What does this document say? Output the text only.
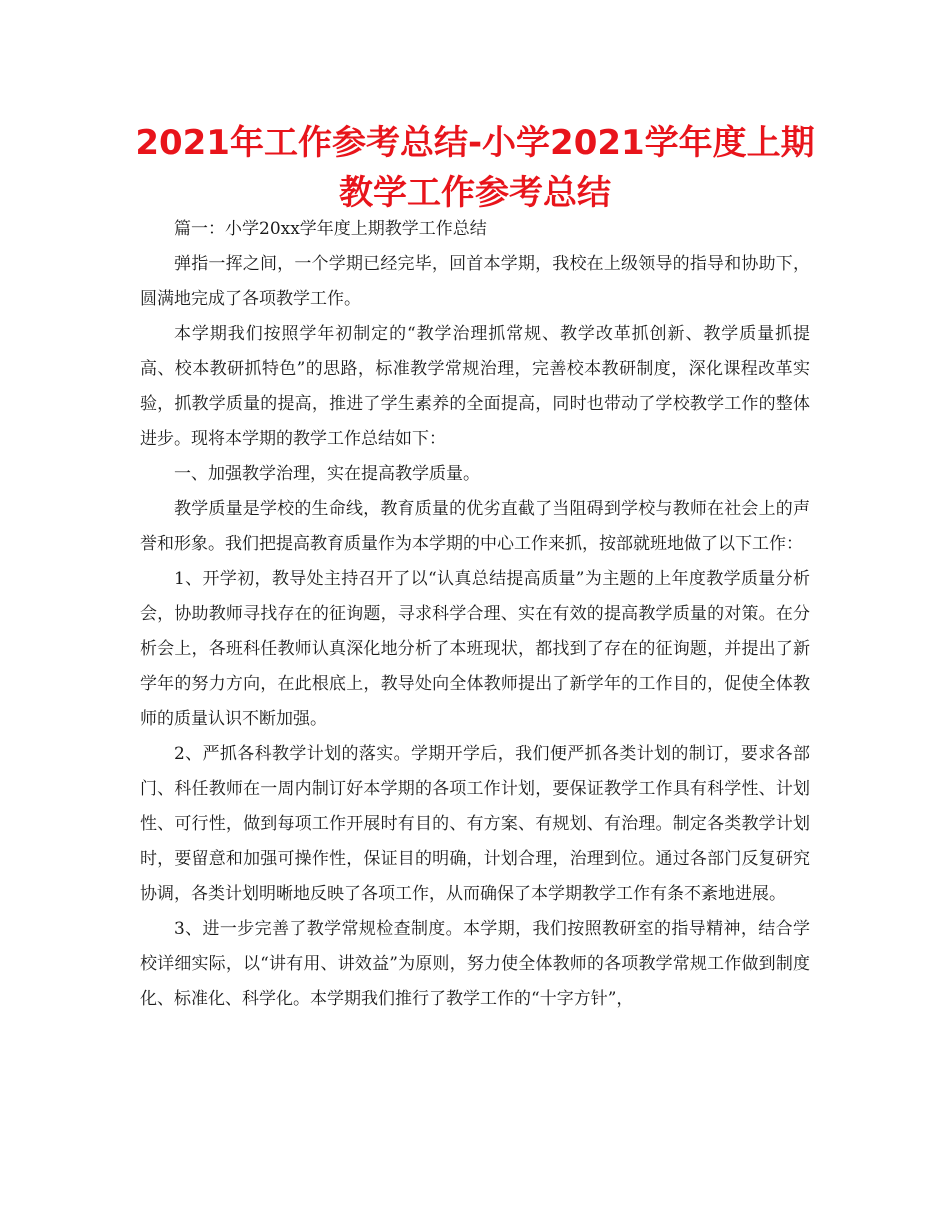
2021年工作参考总结-小学2021学年度上期教学工作参考总结

篇一：小学20xx学年度上期教学工作总结

弹指一挥之间，一个学期已经完毕，回首本学期，我校在上级领导的指导和协助下，圆满地完成了各项教学工作。

本学期我们按照学年初制定的“教学治理抓常规、教学改革抓创新、教学质量抓提高、校本教研抓特色”的思路，标准教学常规治理，完善校本教研制度，深化课程改革实验，抓教学质量的提高，推进了学生素养的全面提高，同时也带动了学校教学工作的整体进步。现将本学期的教学工作总结如下：

一、加强教学治理，实在提高教学质量。

教学质量是学校的生命线，教育质量的优劣直截了当阻碍到学校与教师在社会上的声誉和形象。我们把提高教育质量作为本学期的中心工作来抓，按部就班地做了以下工作：

1、开学初，教导处主持召开了以“认真总结提高质量”为主题的上年度教学质量分析会，协助教师寻找存在的征询题，寻求科学合理、实在有效的提高教学质量的对策。在分析会上，各班科任教师认真深化地分析了本班现状，都找到了存在的征询题，并提出了新学年的努力方向，在此根底上，教导处向全体教师提出了新学年的工作目的，促使全体教师的质量认识不断加强。

2、严抓各科教学计划的落实。学期开学后，我们便严抓各类计划的制订，要求各部门、科任教师在一周内制订好本学期的各项工作计划，要保证教学工作具有科学性、计划性、可行性，做到每项工作开展时有目的、有方案、有规划、有治理。制定各类教学计划时，要留意和加强可操作性，保证目的明确，计划合理，治理到位。通过各部门反复研究协调，各类计划明晰地反映了各项工作，从而确保了本学期教学工作有条不紊地进展。

3、进一步完善了教学常规检查制度。本学期，我们按照教研室的指导精神，结合学校详细实际，以“讲有用、讲效益”为原则，努力使全体教师的各项教学常规工作做到制度化、标准化、科学化。本学期我们推行了教学工作的“十字方针”，
